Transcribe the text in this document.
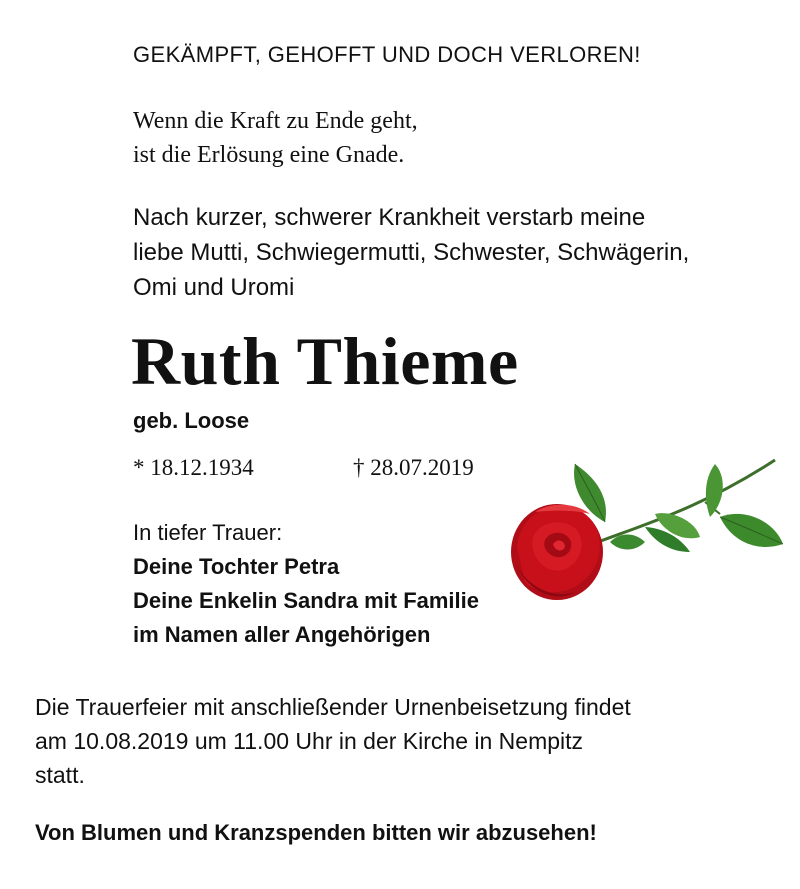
GEKÄMPFT, GEHOFFT UND DOCH VERLOREN!
Wenn die Kraft zu Ende geht,
ist die Erlösung eine Gnade.
Nach kurzer, schwerer Krankheit verstarb meine
liebe Mutti, Schwiegermutti, Schwester, Schwägerin,
Omi und Uromi
Ruth Thieme
geb. Loose
* 18.12.1934	† 28.07.2019
In tiefer Trauer:
Deine Tochter Petra
Deine Enkelin Sandra mit Familie
im Namen aller Angehörigen
Die Trauerfeier mit anschließender Urnenbeisetzung findet
am 10.08.2019 um 11.00 Uhr in der Kirche in Nempitz
statt.
Von Blumen und Kranzspenden bitten wir abzusehen!
